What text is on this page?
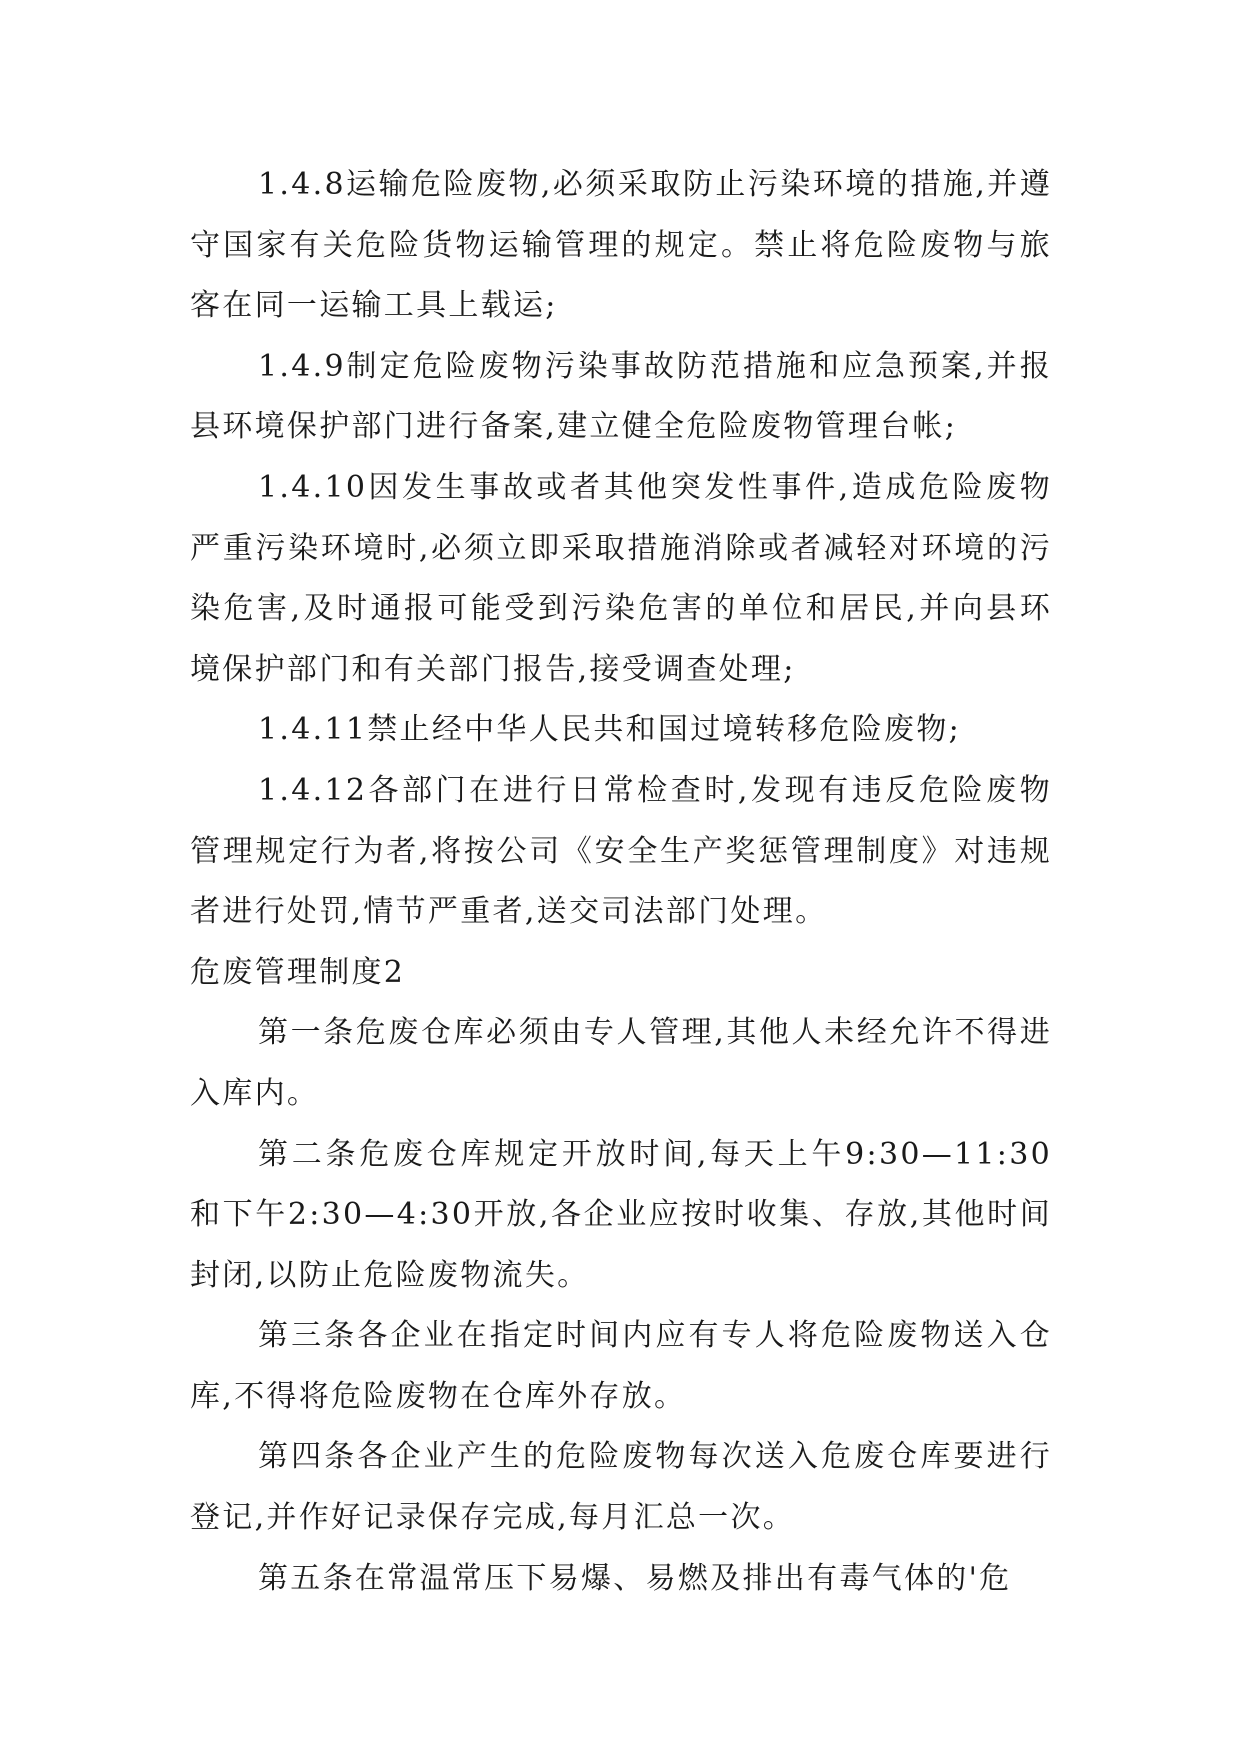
1.4.8运输危险废物,必须采取防止污染环境的措施,并遵守国家有关危险货物运输管理的规定。禁止将危险废物与旅客在同一运输工具上载运;

1.4.9制定危险废物污染事故防范措施和应急预案,并报县环境保护部门进行备案,建立健全危险废物管理台帐;

1.4.10因发生事故或者其他突发性事件,造成危险废物严重污染环境时,必须立即采取措施消除或者减轻对环境的污染危害,及时通报可能受到污染危害的单位和居民,并向县环境保护部门和有关部门报告,接受调查处理;

1.4.11禁止经中华人民共和国过境转移危险废物;

1.4.12各部门在进行日常检查时,发现有违反危险废物管理规定行为者,将按公司《安全生产奖惩管理制度》对违规者进行处罚,情节严重者,送交司法部门处理。

危废管理制度2

第一条危废仓库必须由专人管理,其他人未经允许不得进入库内。

第二条危废仓库规定开放时间,每天上午9:30—11:30和下午2:30—4:30开放,各企业应按时收集、存放,其他时间封闭,以防止危险废物流失。

第三条各企业在指定时间内应有专人将危险废物送入仓库,不得将危险废物在仓库外存放。

第四条各企业产生的危险废物每次送入危废仓库要进行登记,并作好记录保存完成,每月汇总一次。

第五条在常温常压下易爆、易燃及排出有毒气体的'危
